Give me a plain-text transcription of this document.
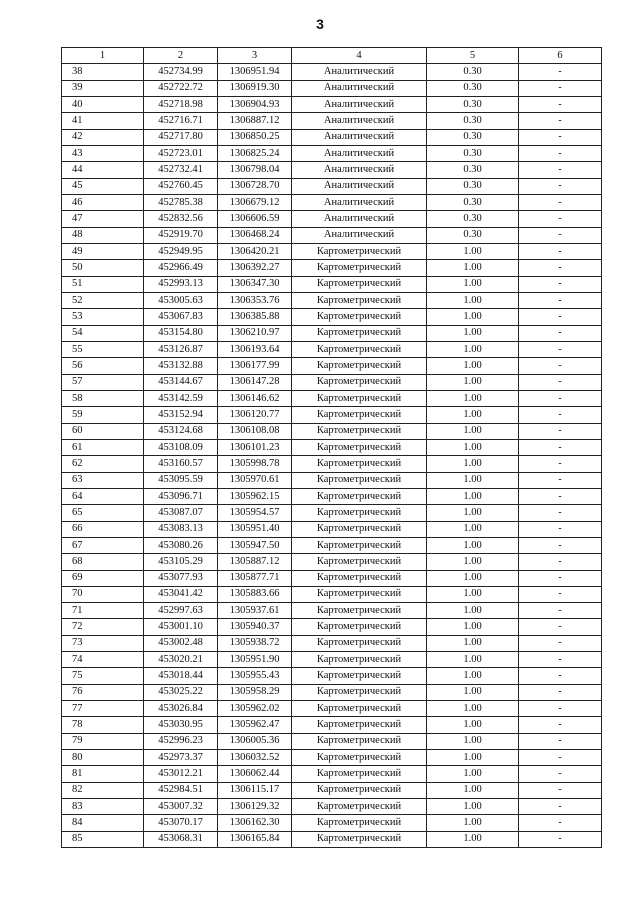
3
1	2	3	4	5	6
38	452734.99	1306951.94	Аналитический	0.30	-
39	452722.72	1306919.30	Аналитический	0.30	-
40	452718.98	1306904.93	Аналитический	0.30	-
41	452716.71	1306887.12	Аналитический	0.30	-
42	452717.80	1306850.25	Аналитический	0.30	-
43	452723.01	1306825.24	Аналитический	0.30	-
44	452732.41	1306798.04	Аналитический	0.30	-
45	452760.45	1306728.70	Аналитический	0.30	-
46	452785.38	1306679.12	Аналитический	0.30	-
47	452832.56	1306606.59	Аналитический	0.30	-
48	452919.70	1306468.24	Аналитический	0.30	-
49	452949.95	1306420.21	Картометрический	1.00	-
50	452966.49	1306392.27	Картометрический	1.00	-
51	452993.13	1306347.30	Картометрический	1.00	-
52	453005.63	1306353.76	Картометрический	1.00	-
53	453067.83	1306385.88	Картометрический	1.00	-
54	453154.80	1306210.97	Картометрический	1.00	-
55	453126.87	1306193.64	Картометрический	1.00	-
56	453132.88	1306177.99	Картометрический	1.00	-
57	453144.67	1306147.28	Картометрический	1.00	-
58	453142.59	1306146.62	Картометрический	1.00	-
59	453152.94	1306120.77	Картометрический	1.00	-
60	453124.68	1306108.08	Картометрический	1.00	-
61	453108.09	1306101.23	Картометрический	1.00	-
62	453160.57	1305998.78	Картометрический	1.00	-
63	453095.59	1305970.61	Картометрический	1.00	-
64	453096.71	1305962.15	Картометрический	1.00	-
65	453087.07	1305954.57	Картометрический	1.00	-
66	453083.13	1305951.40	Картометрический	1.00	-
67	453080.26	1305947.50	Картометрический	1.00	-
68	453105.29	1305887.12	Картометрический	1.00	-
69	453077.93	1305877.71	Картометрический	1.00	-
70	453041.42	1305883.66	Картометрический	1.00	-
71	452997.63	1305937.61	Картометрический	1.00	-
72	453001.10	1305940.37	Картометрический	1.00	-
73	453002.48	1305938.72	Картометрический	1.00	-
74	453020.21	1305951.90	Картометрический	1.00	-
75	453018.44	1305955.43	Картометрический	1.00	-
76	453025.22	1305958.29	Картометрический	1.00	-
77	453026.84	1305962.02	Картометрический	1.00	-
78	453030.95	1305962.47	Картометрический	1.00	-
79	452996.23	1306005.36	Картометрический	1.00	-
80	452973.37	1306032.52	Картометрический	1.00	-
81	453012.21	1306062.44	Картометрический	1.00	-
82	452984.51	1306115.17	Картометрический	1.00	-
83	453007.32	1306129.32	Картометрический	1.00	-
84	453070.17	1306162.30	Картометрический	1.00	-
85	453068.31	1306165.84	Картометрический	1.00	-
